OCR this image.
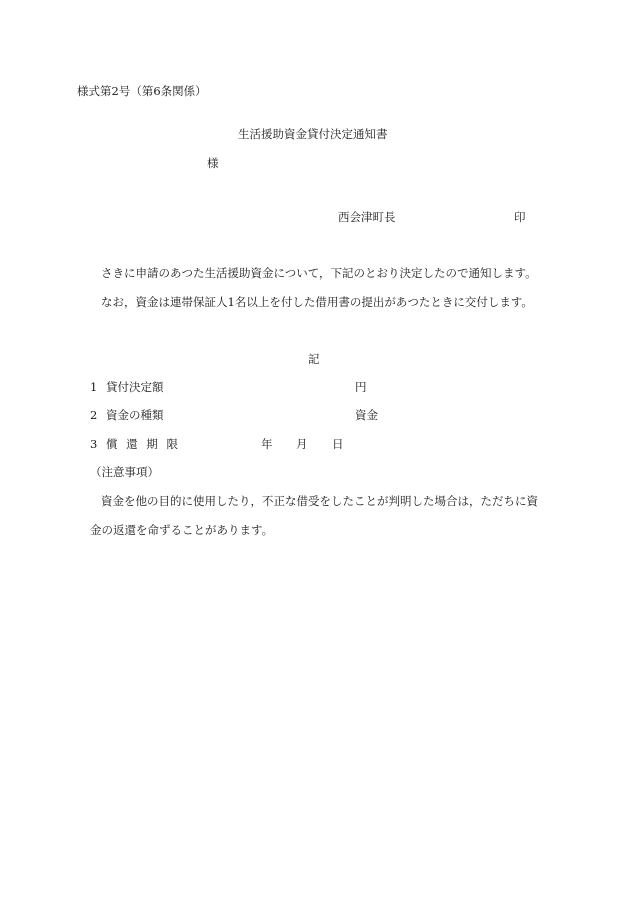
様式第2号（第6条関係）
生活援助資金貸付決定通知書
様
西会津町長	印
さきに申請のあつた生活援助資金について，下記のとおり決定したので通知します。
なお，資金は連帯保証人1名以上を付した借用書の提出があつたときに交付します。
記
1 貸付決定額	円
2 資金の種類	資金
3 償 還 期 限	年 月 日
（注意事項）
資金を他の目的に使用したり，不正な借受をしたことが判明した場合は，ただちに資
金の返還を命ずることがあります。
